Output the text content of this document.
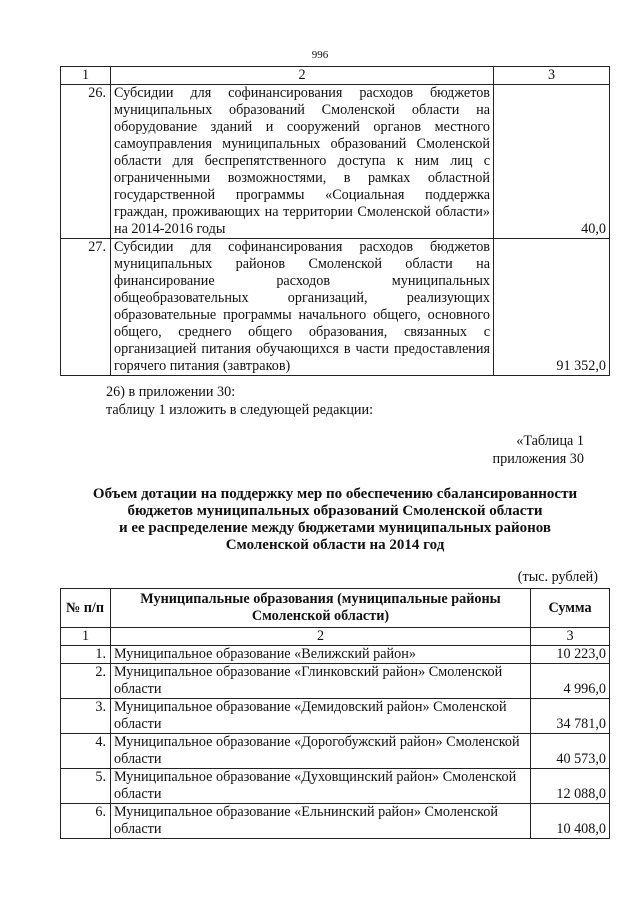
996
1	2	3
26.	Субсидии для софинансирования расходов бюджетов муниципальных образований Смоленской области на оборудование зданий и сооружений органов местного самоуправления муниципальных образований Смоленской области для беспрепятственного доступа к ним лиц с ограниченными возможностями, в рамках областной государственной программы «Социальная поддержка граждан, проживающих на территории Смоленской области» на 2014-2016 годы	40,0
27.	Субсидии для софинансирования расходов бюджетов муниципальных районов Смоленской области на финансирование расходов муниципальных общеобразовательных организаций, реализующих образовательные программы начального общего, основного общего, среднего общего образования, связанных с организацией питания обучающихся в части предоставления горячего питания (завтраков)	91 352,0
26) в приложении 30:
таблицу 1 изложить в следующей редакции:
«Таблица 1
приложения 30
Объем дотации на поддержку мер по обеспечению сбалансированности
бюджетов муниципальных образований Смоленской области
и ее распределение между бюджетами муниципальных районов
Смоленской области на 2014 год
(тыс. рублей)
№ п/п	Муниципальные образования (муниципальные районы Смоленской области)	Сумма
1	2	3
1.	Муниципальное образование «Велижский район»	10 223,0
2.	Муниципальное образование «Глинковский район» Смоленской области	4 996,0
3.	Муниципальное образование «Демидовский район» Смоленской области	34 781,0
4.	Муниципальное образование «Дорогобужский район» Смоленской области	40 573,0
5.	Муниципальное образование «Духовщинский район» Смоленской области	12 088,0
6.	Муниципальное образование «Ельнинский район» Смоленской области	10 408,0
